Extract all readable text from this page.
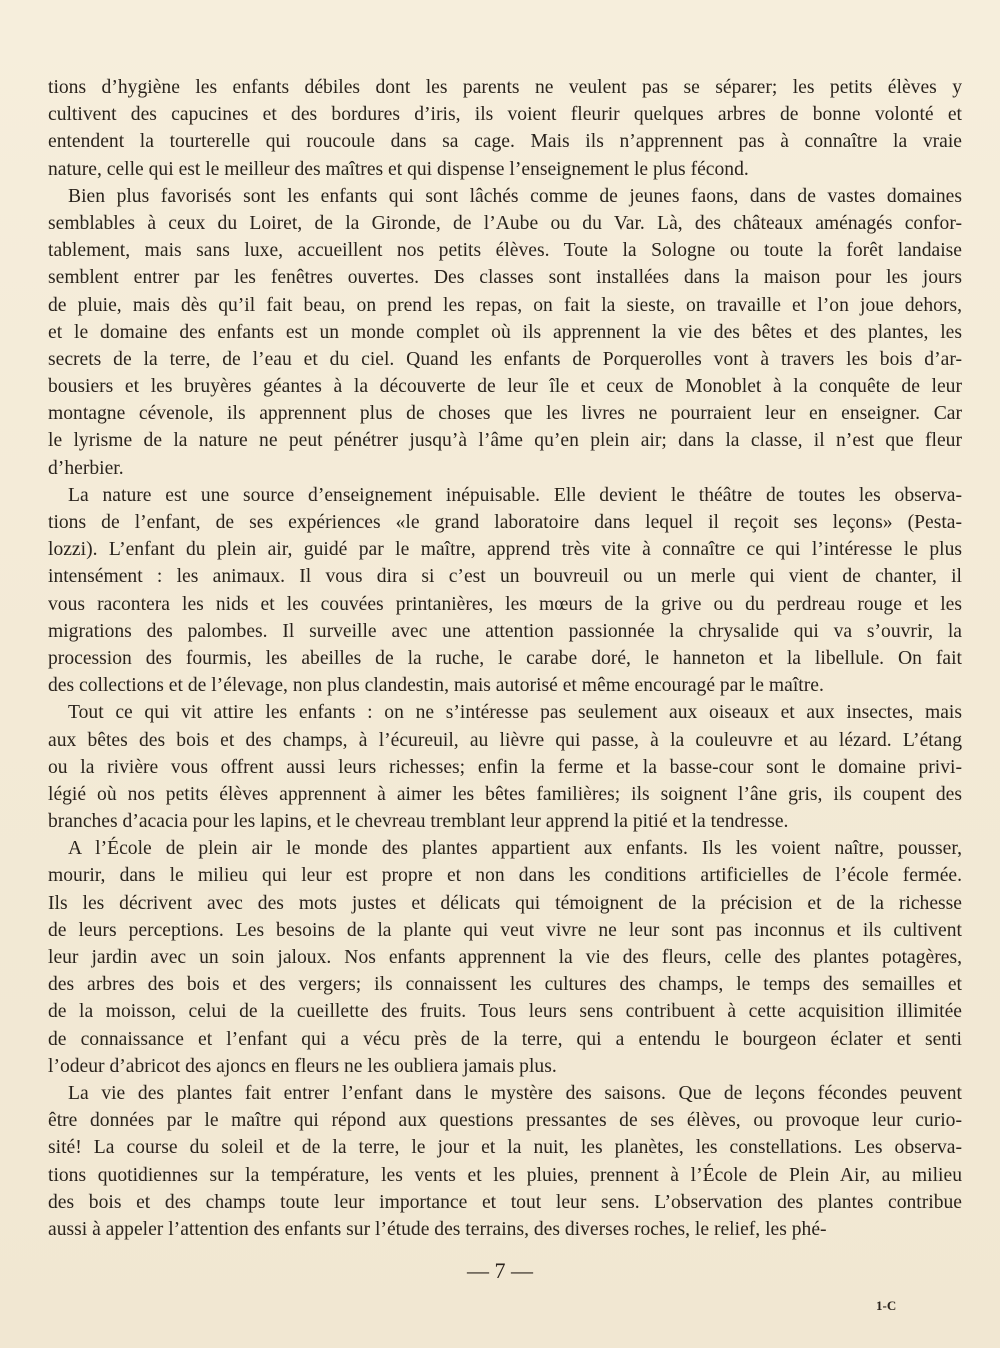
tions d’hygiène les enfants débiles dont les parents ne veulent pas se séparer; les petits élèves y
cultivent des capucines et des bordures d’iris, ils voient fleurir quelques arbres de bonne volonté et
entendent la tourterelle qui roucoule dans sa cage. Mais ils n’apprennent pas à connaître la vraie
nature, celle qui est le meilleur des maîtres et qui dispense l’enseignement le plus fécond.
Bien plus favorisés sont les enfants qui sont lâchés comme de jeunes faons, dans de vastes domaines
semblables à ceux du Loiret, de la Gironde, de l’Aube ou du Var. Là, des châteaux aménagés confor-
tablement, mais sans luxe, accueillent nos petits élèves. Toute la Sologne ou toute la forêt landaise
semblent entrer par les fenêtres ouvertes. Des classes sont installées dans la maison pour les jours
de pluie, mais dès qu’il fait beau, on prend les repas, on fait la sieste, on travaille et l’on joue dehors,
et le domaine des enfants est un monde complet où ils apprennent la vie des bêtes et des plantes, les
secrets de la terre, de l’eau et du ciel. Quand les enfants de Porquerolles vont à travers les bois d’ar-
bousiers et les bruyères géantes à la découverte de leur île et ceux de Monoblet à la conquête de leur
montagne cévenole, ils apprennent plus de choses que les livres ne pourraient leur en enseigner. Car
le lyrisme de la nature ne peut pénétrer jusqu’à l’âme qu’en plein air; dans la classe, il n’est que fleur
d’herbier.
La nature est une source d’enseignement inépuisable. Elle devient le théâtre de toutes les observa-
tions de l’enfant, de ses expériences «le grand laboratoire dans lequel il reçoit ses leçons» (Pesta-
lozzi). L’enfant du plein air, guidé par le maître, apprend très vite à connaître ce qui l’intéresse le plus
intensément : les animaux. Il vous dira si c’est un bouvreuil ou un merle qui vient de chanter, il
vous racontera les nids et les couvées printanières, les mœurs de la grive ou du perdreau rouge et les
migrations des palombes. Il surveille avec une attention passionnée la chrysalide qui va s’ouvrir, la
procession des fourmis, les abeilles de la ruche, le carabe doré, le hanneton et la libellule. On fait
des collections et de l’élevage, non plus clandestin, mais autorisé et même encouragé par le maître.
Tout ce qui vit attire les enfants : on ne s’intéresse pas seulement aux oiseaux et aux insectes, mais
aux bêtes des bois et des champs, à l’écureuil, au lièvre qui passe, à la couleuvre et au lézard. L’étang
ou la rivière vous offrent aussi leurs richesses; enfin la ferme et la basse-cour sont le domaine privi-
légié où nos petits élèves apprennent à aimer les bêtes familières; ils soignent l’âne gris, ils coupent des
branches d’acacia pour les lapins, et le chevreau tremblant leur apprend la pitié et la tendresse.
A l’École de plein air le monde des plantes appartient aux enfants. Ils les voient naître, pousser,
mourir, dans le milieu qui leur est propre et non dans les conditions artificielles de l’école fermée.
Ils les décrivent avec des mots justes et délicats qui témoignent de la précision et de la richesse
de leurs perceptions. Les besoins de la plante qui veut vivre ne leur sont pas inconnus et ils cultivent
leur jardin avec un soin jaloux. Nos enfants apprennent la vie des fleurs, celle des plantes potagères,
des arbres des bois et des vergers; ils connaissent les cultures des champs, le temps des semailles et
de la moisson, celui de la cueillette des fruits. Tous leurs sens contribuent à cette acquisition illimitée
de connaissance et l’enfant qui a vécu près de la terre, qui a entendu le bourgeon éclater et senti
l’odeur d’abricot des ajoncs en fleurs ne les oubliera jamais plus.
La vie des plantes fait entrer l’enfant dans le mystère des saisons. Que de leçons fécondes peuvent
être données par le maître qui répond aux questions pressantes de ses élèves, ou provoque leur curio-
sité! La course du soleil et de la terre, le jour et la nuit, les planètes, les constellations. Les observa-
tions quotidiennes sur la température, les vents et les pluies, prennent à l’École de Plein Air, au milieu
des bois et des champs toute leur importance et tout leur sens. L’observation des plantes contribue
aussi à appeler l’attention des enfants sur l’étude des terrains, des diverses roches, le relief, les phé-
— 7 —
1-C
